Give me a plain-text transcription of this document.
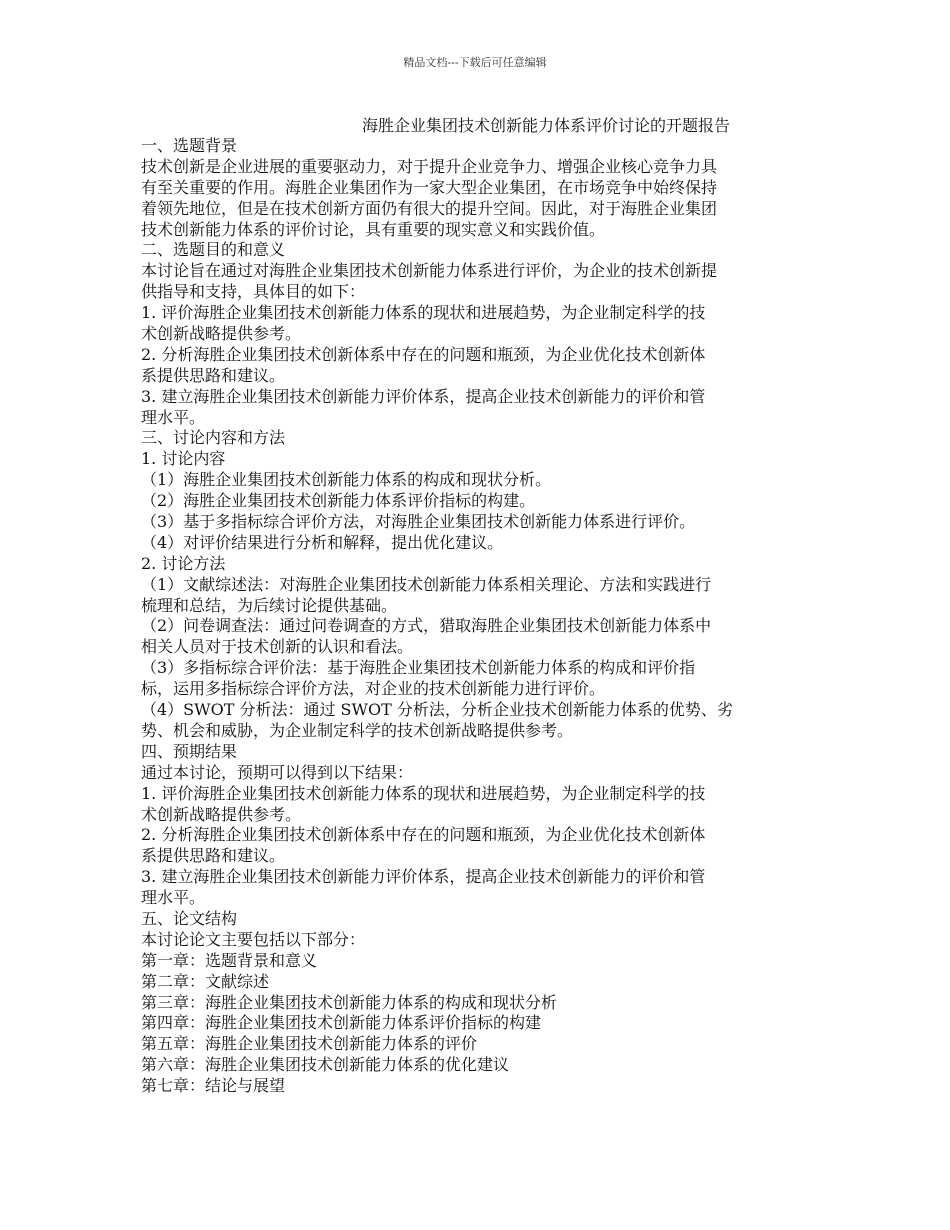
精品文档---下载后可任意编辑
海胜企业集团技术创新能力体系评价讨论的开题报告
一、选题背景
技术创新是企业进展的重要驱动力，对于提升企业竞争力、增强企业核心竞争力具
有至关重要的作用。海胜企业集团作为一家大型企业集团，在市场竞争中始终保持
着领先地位，但是在技术创新方面仍有很大的提升空间。因此，对于海胜企业集团
技术创新能力体系的评价讨论，具有重要的现实意义和实践价值。
二、选题目的和意义
本讨论旨在通过对海胜企业集团技术创新能力体系进行评价，为企业的技术创新提
供指导和支持，具体目的如下：
1. 评价海胜企业集团技术创新能力体系的现状和进展趋势，为企业制定科学的技
术创新战略提供参考。
2. 分析海胜企业集团技术创新体系中存在的问题和瓶颈，为企业优化技术创新体
系提供思路和建议。
3. 建立海胜企业集团技术创新能力评价体系，提高企业技术创新能力的评价和管
理水平。
三、讨论内容和方法
1. 讨论内容
（1）海胜企业集团技术创新能力体系的构成和现状分析。
（2）海胜企业集团技术创新能力体系评价指标的构建。
（3）基于多指标综合评价方法，对海胜企业集团技术创新能力体系进行评价。
（4）对评价结果进行分析和解释，提出优化建议。
2. 讨论方法
（1）文献综述法：对海胜企业集团技术创新能力体系相关理论、方法和实践进行
梳理和总结，为后续讨论提供基础。
（2）问卷调查法：通过问卷调查的方式，猎取海胜企业集团技术创新能力体系中
相关人员对于技术创新的认识和看法。
（3）多指标综合评价法：基于海胜企业集团技术创新能力体系的构成和评价指
标，运用多指标综合评价方法，对企业的技术创新能力进行评价。
（4）SWOT 分析法：通过 SWOT 分析法，分析企业技术创新能力体系的优势、劣
势、机会和威胁，为企业制定科学的技术创新战略提供参考。
四、预期结果
通过本讨论，预期可以得到以下结果：
1. 评价海胜企业集团技术创新能力体系的现状和进展趋势，为企业制定科学的技
术创新战略提供参考。
2. 分析海胜企业集团技术创新体系中存在的问题和瓶颈，为企业优化技术创新体
系提供思路和建议。
3. 建立海胜企业集团技术创新能力评价体系，提高企业技术创新能力的评价和管
理水平。
五、论文结构
本讨论论文主要包括以下部分：
第一章：选题背景和意义
第二章：文献综述
第三章：海胜企业集团技术创新能力体系的构成和现状分析
第四章：海胜企业集团技术创新能力体系评价指标的构建
第五章：海胜企业集团技术创新能力体系的评价
第六章：海胜企业集团技术创新能力体系的优化建议
第七章：结论与展望
